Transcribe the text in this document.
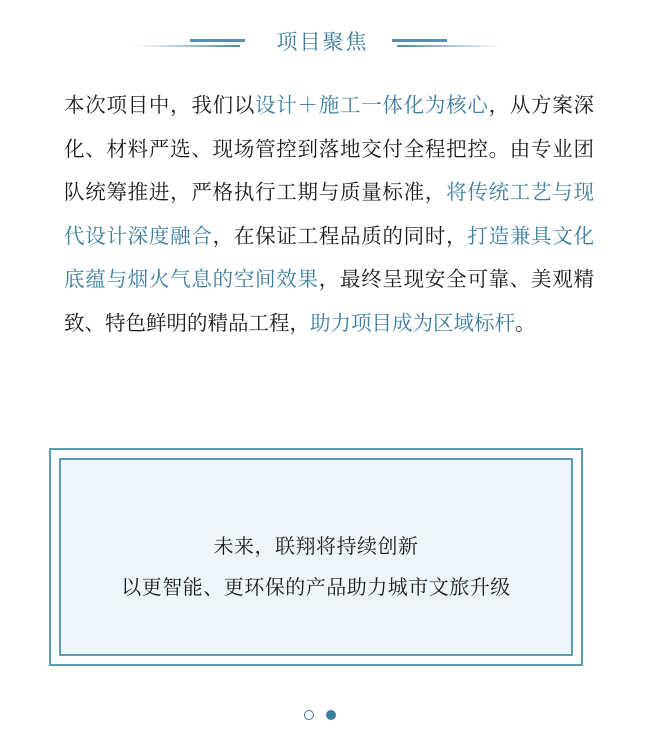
项目聚焦

本次项目中，我们以设计＋施工一体化为核心，从方案深化、材料严选、现场管控到落地交付全程把控。由专业团队统筹推进，严格执行工期与质量标准，将传统工艺与现代设计深度融合，在保证工程品质的同时，打造兼具文化底蕴与烟火气息的空间效果，最终呈现安全可靠、美观精致、特色鲜明的精品工程，助力项目成为区域标杆。

未来，联翔将持续创新
以更智能、更环保的产品助力城市文旅升级
